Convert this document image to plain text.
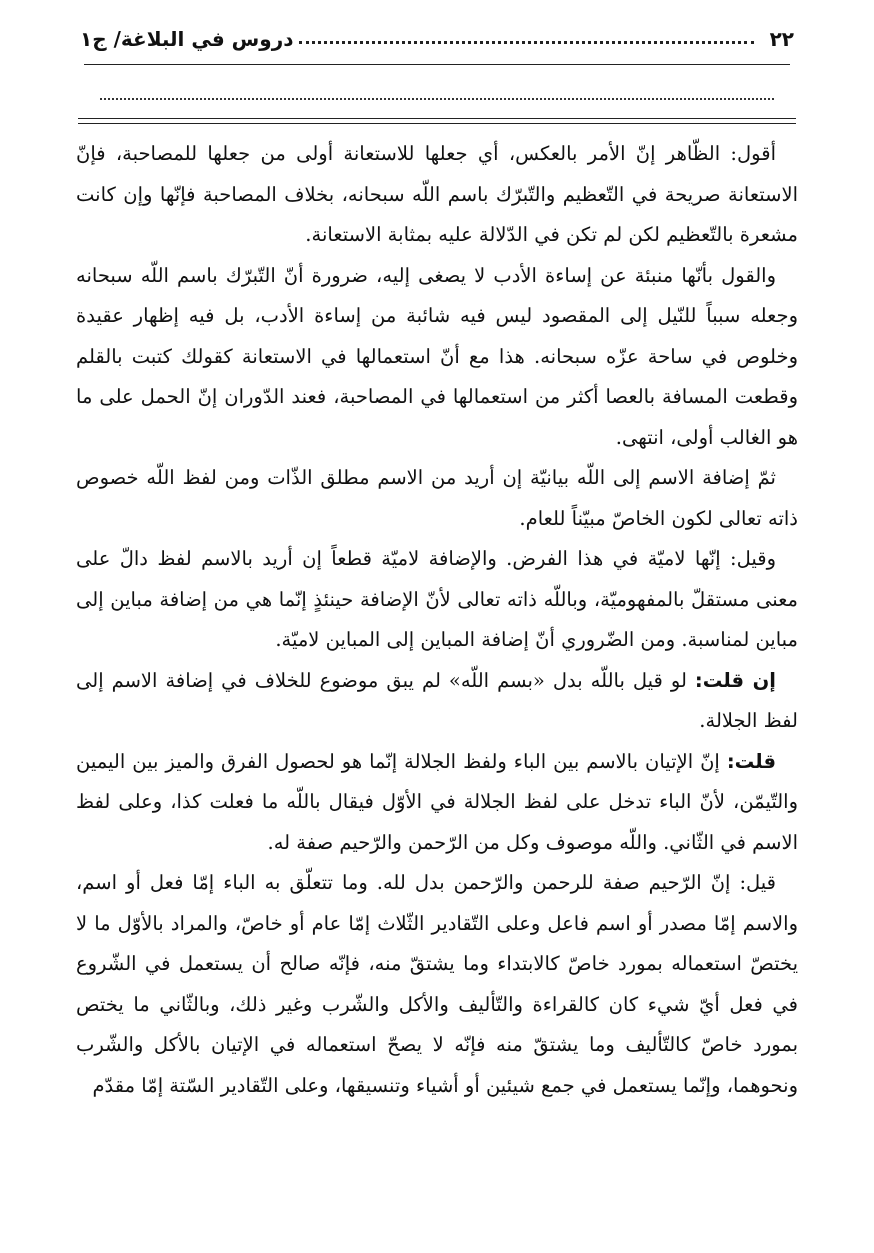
٢٢
دروس في البلاغة/ ج١

أقول: الظّاهر إنّ الأمر بالعكس، أي جعلها للاستعانة أولى من جعلها للمصاحبة، فإنّ الاستعانة صريحة في التّعظيم والتّبرّك باسم اللّه سبحانه، بخلاف المصاحبة فإنّها وإن كانت مشعرة بالتّعظيم لكن لم تكن في الدّلالة عليه بمثابة الاستعانة.

والقول بأنّها منبئة عن إساءة الأدب لا يصغى إليه، ضرورة أنّ التّبرّك باسم اللّه سبحانه وجعله سبباً للنّيل إلى المقصود ليس فيه شائبة من إساءة الأدب، بل فيه إظهار عقيدة وخلوص في ساحة عزّه سبحانه. هذا مع أنّ استعمالها في الاستعانة كقولك كتبت بالقلم وقطعت المسافة بالعصا أكثر من استعمالها في المصاحبة، فعند الدّوران إنّ الحمل على ما هو الغالب أولى، انتهى.

ثمّ إضافة الاسم إلى اللّه بيانيّة إن أريد من الاسم مطلق الذّات ومن لفظ اللّه خصوص ذاته تعالى لكون الخاصّ مبيّناً للعام.

وقيل: إنّها لاميّة في هذا الفرض. والإضافة لاميّة قطعاً إن أريد بالاسم لفظ دالّ على معنى مستقلّ بالمفهوميّة، وباللّه ذاته تعالى لأنّ الإضافة حينئذٍ إنّما هي من إضافة مباين إلى مباين لمناسبة. ومن الضّروري أنّ إضافة المباين إلى المباين لاميّة.

إن قلت: لو قيل باللّه بدل «بسم اللّه» لم يبق موضوع للخلاف في إضافة الاسم إلى لفظ الجلالة.

قلت: إنّ الإتيان بالاسم بين الباء ولفظ الجلالة إنّما هو لحصول الفرق والميز بين اليمين والتّيمّن، لأنّ الباء تدخل على لفظ الجلالة في الأوّل فيقال باللّه ما فعلت كذا، وعلى لفظ الاسم في الثّاني. واللّه موصوف وكل من الرّحمن والرّحيم صفة له.

قيل: إنّ الرّحيم صفة للرحمن والرّحمن بدل لله. وما تتعلّق به الباء إمّا فعل أو اسم، والاسم إمّا مصدر أو اسم فاعل وعلى التّقادير الثّلاث إمّا عام أو خاصّ، والمراد بالأوّل ما لا يختصّ استعماله بمورد خاصّ كالابتداء وما يشتقّ منه، فإنّه صالح أن يستعمل في الشّروع في فعل أيّ شيء كان كالقراءة والتّأليف والأكل والشّرب وغير ذلك، وبالثّاني ما يختص بمورد خاصّ كالتّأليف وما يشتقّ منه فإنّه لا يصحّ استعماله في الإتيان بالأكل والشّرب ونحوهما، وإنّما يستعمل في جمع شيئين أو أشياء وتنسيقها، وعلى التّقادير السّتة إمّا مقدّم
